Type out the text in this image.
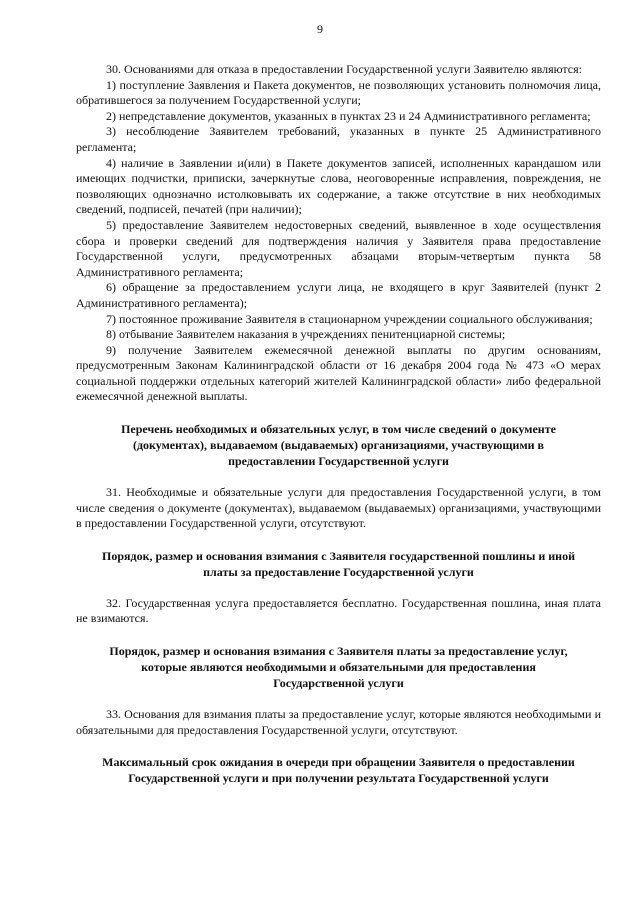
9

30. Основаниями для отказа в предоставлении Государственной услуги Заявителю являются:

1) поступление Заявления и Пакета документов, не позволяющих установить полномочия лица, обратившегося за получением Государственной услуги;

2) непредставление документов, указанных в пунктах 23 и 24 Административного регламента;

3) несоблюдение Заявителем требований, указанных в пункте 25 Административного регламента;

4) наличие в Заявлении и(или) в Пакете документов записей, исполненных карандашом или имеющих подчистки, приписки, зачеркнутые слова, неоговоренные исправления, повреждения, не позволяющих однозначно истолковывать их содержание, а также отсутствие в них необходимых сведений, подписей, печатей (при наличии);

5) предоставление Заявителем недостоверных сведений, выявленное в ходе осуществления сбора и проверки сведений для подтверждения наличия у Заявителя права предоставление Государственной услуги, предусмотренных абзацами вторым-четвертым пункта 58 Административного регламента;

6) обращение за предоставлением услуги лица, не входящего в круг Заявителей (пункт 2 Административного регламента);

7) постоянное проживание Заявителя в стационарном учреждении социального обслуживания;

8) отбывание Заявителем наказания в учреждениях пенитенциарной системы;

9) получение Заявителем ежемесячной денежной выплаты по другим основаниям, предусмотренным Законам Калининградской области от 16 декабря 2004 года № 473 «О мерах социальной поддержки отдельных категорий жителей Калининградской области» либо федеральной ежемесячной денежной выплаты.

Перечень необходимых и обязательных услуг, в том числе сведений о документе (документах), выдаваемом (выдаваемых) организациями, участвующими в предоставлении Государственной услуги

31. Необходимые и обязательные услуги для предоставления Государственной услуги, в том числе сведения о документе (документах), выдаваемом (выдаваемых) организациями, участвующими в предоставлении Государственной услуги, отсутствуют.

Порядок, размер и основания взимания с Заявителя государственной пошлины и иной платы за предоставление Государственной услуги

32. Государственная услуга предоставляется бесплатно. Государственная пошлина, иная плата не взимаются.

Порядок, размер и основания взимания с Заявителя платы за предоставление услуг, которые являются необходимыми и обязательными для предоставления Государственной услуги

33. Основания для взимания платы за предоставление услуг, которые являются необходимыми и обязательными для предоставления Государственной услуги, отсутствуют.

Максимальный срок ожидания в очереди при обращении Заявителя о предоставлении Государственной услуги и при получении результата Государственной услуги
